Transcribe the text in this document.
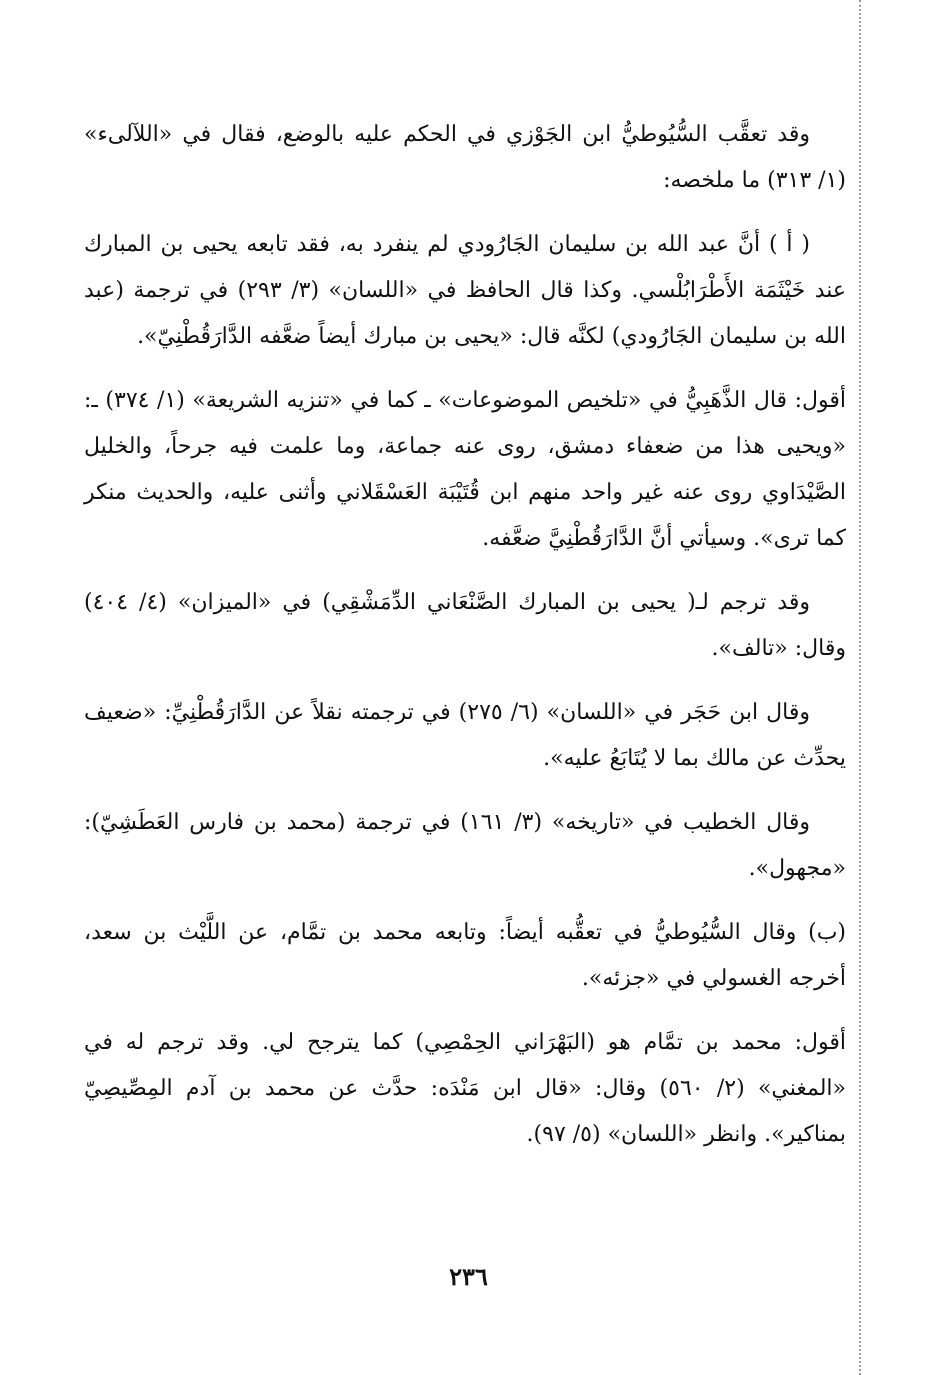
وقد تعقَّب السُّيُوطيُّ ابن الجَوْزي في الحكم عليه بالوضع، فقال في «اللآلىء» (١/ ٣١٣) ما ملخصه:

( أ ) أنَّ عبد الله بن سليمان الجَارُودي لم ينفرد به، فقد تابعه يحيى بن المبارك عند خَيْثَمَة الأَطْرَابُلْسي. وكذا قال الحافظ في «اللسان» (٣/ ٢٩٣) في ترجمة (عبد الله بن سليمان الجَارُودي) لكنَّه قال: «يحيى بن مبارك أيضاً ضعَّفه الدَّارَقُطْنِيّ».

أقول: قال الذَّهَبِيُّ في «تلخيص الموضوعات» ـ كما في «تنزيه الشريعة» (١/ ٣٧٤) ـ: «ويحيى هذا من ضعفاء دمشق، روى عنه جماعة، وما علمت فيه جرحاً، والخليل الصَّيْدَاوي روى عنه غير واحد منهم ابن قُتَيْبَة العَسْقَلاني وأثنى عليه، والحديث منكر كما ترى». وسيأتي أنَّ الدَّارَقُطْنِيَّ ضعَّفه.

وقد ترجم لـ( يحيى بن المبارك الصَّنْعَاني الدِّمَشْقِي) في «الميزان» (٤/ ٤٠٤) وقال: «تالف».

وقال ابن حَجَر في «اللسان» (٦/ ٢٧٥) في ترجمته نقلاً عن الدَّارَقُطْنِيِّ: «ضعيف يحدِّث عن مالك بما لا يُتَابَعُ عليه».

وقال الخطيب في «تاريخه» (٣/ ١٦١) في ترجمة (محمد بن فارس العَطَشِيّ): «مجهول».

(ب) وقال السُّيُوطيُّ في تعقُّبه أيضاً: وتابعه محمد بن تمَّام، عن اللَّيْث بن سعد، أخرجه الغسولي في «جزئه».

أقول: محمد بن تمَّام هو (البَهْرَاني الحِمْصِي) كما يترجح لي. وقد ترجم له في «المغني» (٢/ ٥٦٠) وقال: «قال ابن مَنْدَه: حدَّث عن محمد بن آدم المِصِّيصِيّ بمناكير». وانظر «اللسان» (٥/ ٩٧).

٢٣٦
